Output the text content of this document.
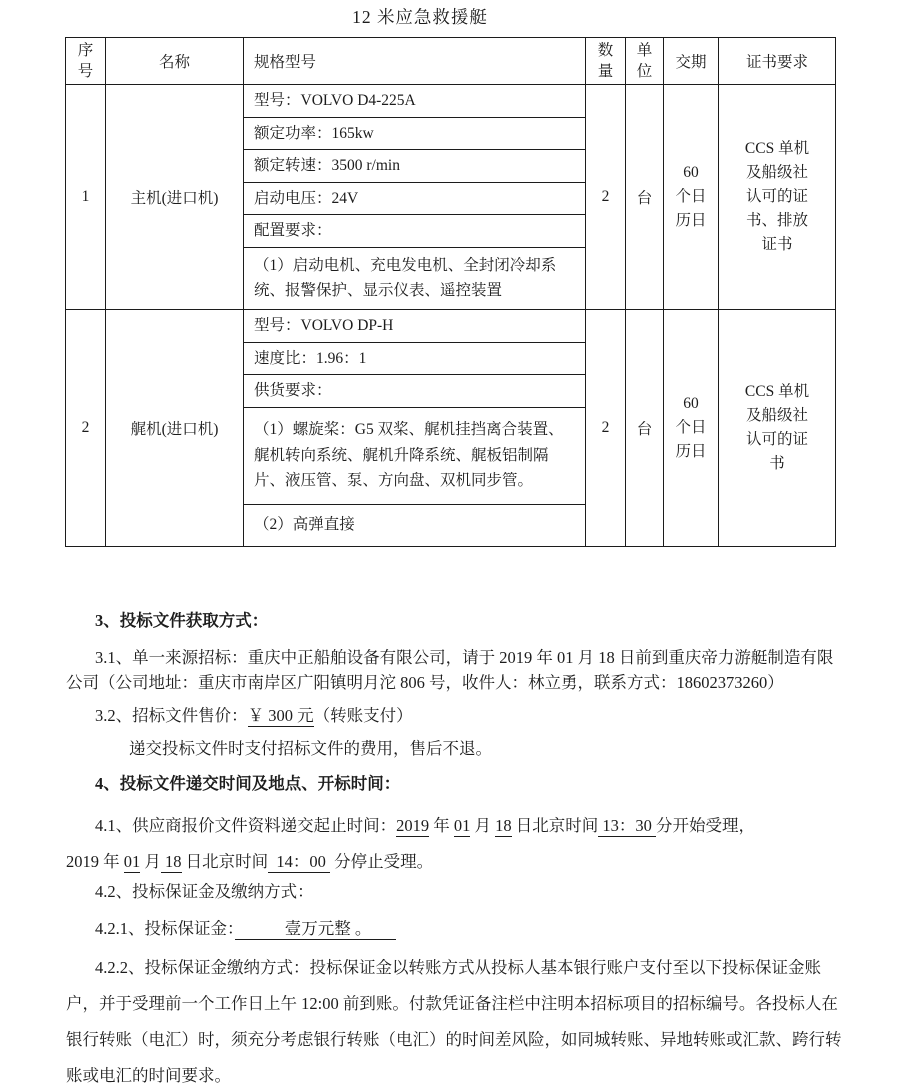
12 米应急救援艇
序号	名称	规格型号	数量	单位	交期	证书要求
1	主机(进口机)	型号：VOLVO D4-225A	2	台	60 个日历日	CCS 单机及船级社认可的证书、排放证书
		额定功率：165kw				
		额定转速：3500 r/min				
		启动电压：24V				
		配置要求：				
		（1）启动电机、充电发电机、全封闭冷却系统、报警保护、显示仪表、遥控装置				
2	艉机(进口机)	型号：VOLVO DP-H	2	台	60 个日历日	CCS 单机及船级社认可的证书
		速度比：1.96：1				
		供货要求：				
		（1）螺旋桨：G5 双桨、艉机挂挡离合装置、艉机转向系统、艉机升降系统、艉板铝制隔片、液压管、泵、方向盘、双机同步管。				
		（2）高弹直接				

3、投标文件获取方式：

3.1、单一来源招标：重庆中正船舶设备有限公司，请于 2019 年 01 月 18 日前到重庆帝力游艇制造有限公司（公司地址：重庆市南岸区广阳镇明月沱 806 号，收件人：林立勇，联系方式：18602373260）

3.2、招标文件售价：￥ 300 元（转账支付）

递交投标文件时支付招标文件的费用，售后不退。

4、投标文件递交时间及地点、开标时间：

4.1、供应商报价文件资料递交起止时间：2019 年 01 月 18 日北京时间 13：30 分开始受理，
2019 年 01 月 18 日北京时间  14：00  分停止受理。

4.2、投标保证金及缴纳方式：

4.2.1、投标保证金：　　　壹万元整 。　　

4.2.2、投标保证金缴纳方式：投标保证金以转账方式从投标人基本银行账户支付至以下投标保证金账户，并于受理前一个工作日上午 12:00 前到账。付款凭证备注栏中注明本招标项目的招标编号。各投标人在银行转账（电汇）时，须充分考虑银行转账（电汇）的时间差风险，如同城转账、异地转账或汇款、跨行转账或电汇的时间要求。
